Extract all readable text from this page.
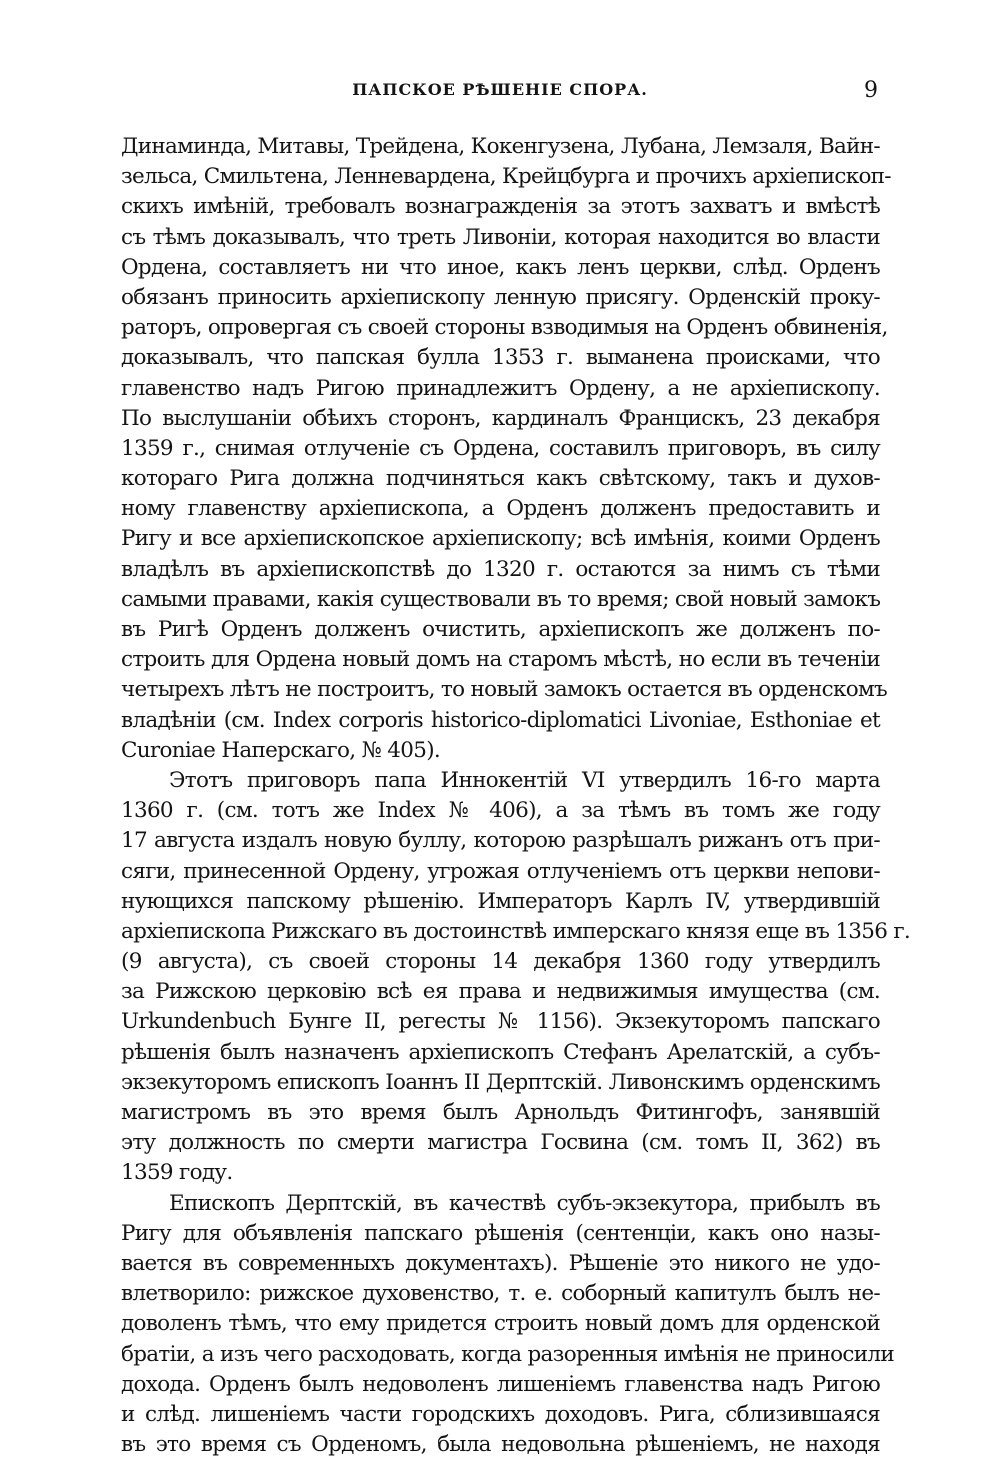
ПАПСКОЕ РѢШЕНІЕ СПОРА.	9
Динаминда, Митавы, Трейдена, Кокенгузена, Лубана, Лемзаля, Вайн-
зельса, Смильтена, Ленневардена, Крейцбурга и прочихъ архіепископ-
скихъ имѣній, требовалъ вознагражденія за этотъ захватъ и вмѣстѣ
съ тѣмъ доказывалъ, что треть Ливоніи, которая находится во власти
Ордена, составляетъ ни что иное, какъ ленъ церкви, слѣд. Орденъ
обязанъ приносить архіепископу ленную присягу. Орденскій проку-
раторъ, опровергая съ своей стороны взводимыя на Орденъ обвиненія,
доказывалъ, что папская булла 1353 г. выманена происками, что
главенство надъ Ригою принадлежитъ Ордену, а не архіепископу.
По выслушаніи обѣихъ сторонъ, кардиналъ Францискъ, 23 декабря
1359 г., снимая отлученіе съ Ордена, составилъ приговоръ, въ силу
котораго Рига должна подчиняться какъ свѣтскому, такъ и духов-
ному главенству архіепископа, а Орденъ долженъ предоставить и
Ригу и все архіепископское архіепископу; всѣ имѣнія, коими Орденъ
владѣлъ въ архіепископствѣ до 1320 г. остаются за нимъ съ тѣми
самыми правами, какія существовали въ то время; свой новый замокъ
въ Ригѣ Орденъ долженъ очистить, архіепископъ же долженъ по-
строить для Ордена новый домъ на старомъ мѣстѣ, но если въ теченіи
четырехъ лѣтъ не построитъ, то новый замокъ остается въ орденскомъ
владѣніи (см. Index corporis historico-diplomatici Livoniae, Esthoniae et
Curoniae Наперскаго, № 405).
Этотъ приговоръ папа Иннокентій VI утвердилъ 16-го марта
1360 г. (см. тотъ же Index № 406), а за тѣмъ въ томъ же году
17 августа издалъ новую буллу, которою разрѣшалъ рижанъ отъ при-
сяги, принесенной Ордену, угрожая отлученіемъ отъ церкви непови-
нующихся папскому рѣшенію. Императоръ Карлъ IV, утвердившій
архіепископа Рижскаго въ достоинствѣ имперскаго князя еще въ 1356 г.
(9 августа), съ своей стороны 14 декабря 1360 году утвердилъ
за Рижскою церковію всѣ ея права и недвижимыя имущества (см.
Urkundenbuch Бунге II, регесты № 1156). Экзекуторомъ папскаго
рѣшенія былъ назначенъ архіепископъ Стефанъ Арелатскій, а субъ-
экзекуторомъ епископъ Іоаннъ II Дерптскій. Ливонскимъ орденскимъ
магистромъ въ это время былъ Арнольдъ Фитингофъ, занявшій
эту должность по смерти магистра Госвина (см. томъ II, 362) въ
1359 году.
Епископъ Дерптскій, въ качествѣ субъ-экзекутора, прибылъ въ
Ригу для объявленія папскаго рѣшенія (сентенціи, какъ оно назы-
вается въ современныхъ документахъ). Рѣшеніе это никого не удо-
влетворило: рижское духовенство, т. е. соборный капитулъ былъ не-
доволенъ тѣмъ, что ему придется строить новый домъ для орденской
братіи, а изъ чего расходовать, когда разоренныя имѣнія не приносили
дохода. Орденъ былъ недоволенъ лишеніемъ главенства надъ Ригою
и слѣд. лишеніемъ части городскихъ доходовъ. Рига, сблизившаяся
въ это время съ Орденомъ, была недовольна рѣшеніемъ, не находя
